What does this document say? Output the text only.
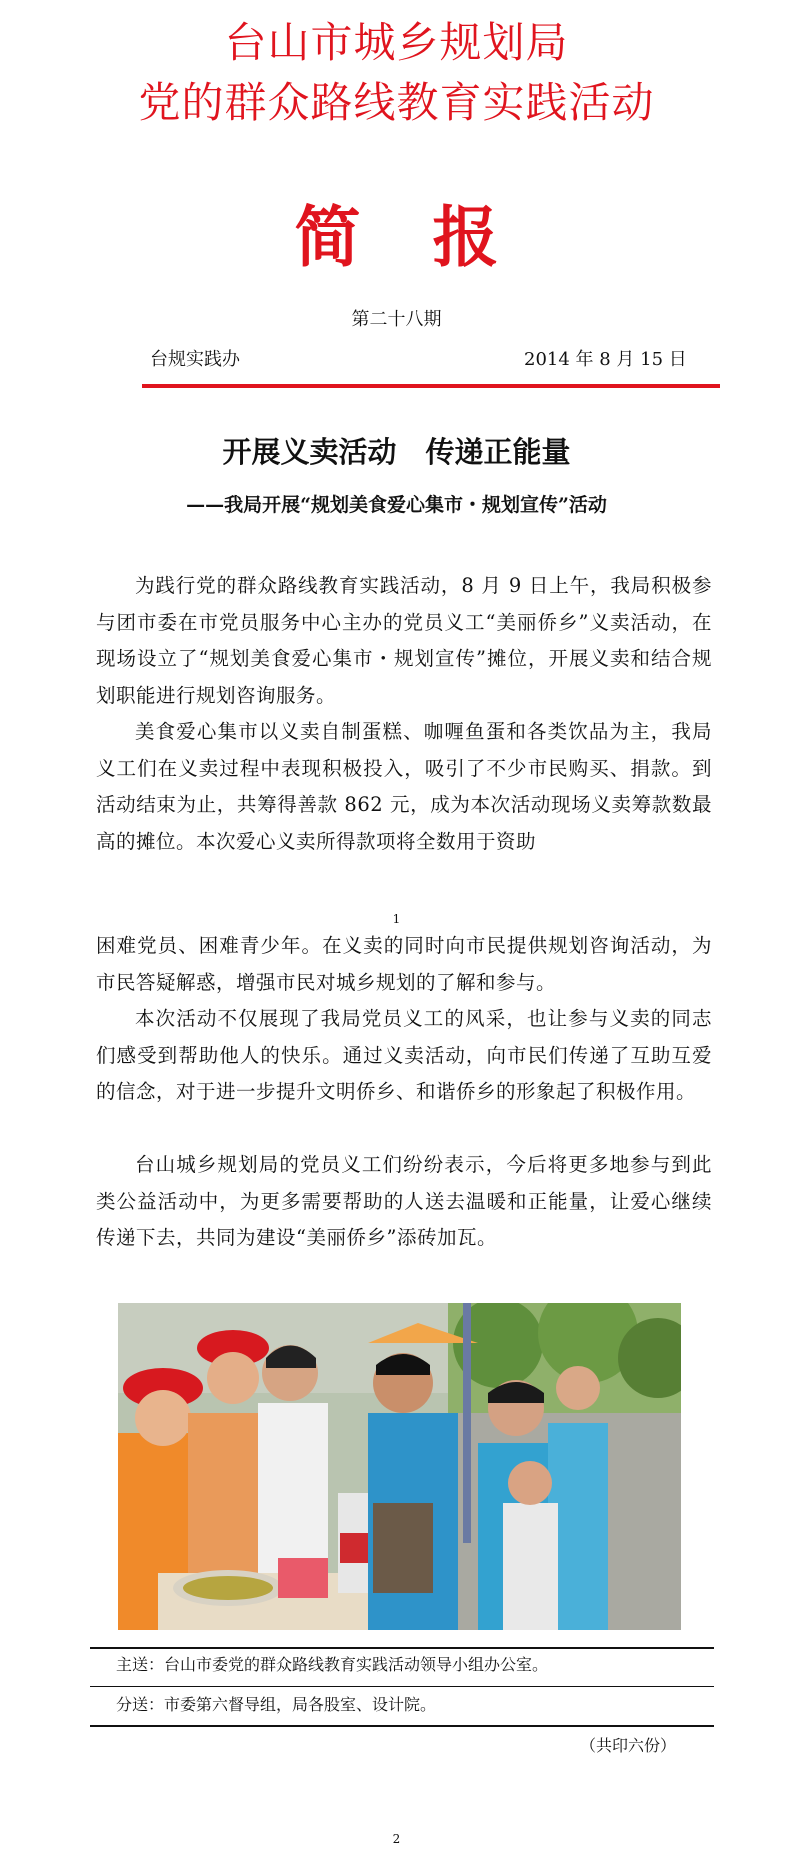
台山市城乡规划局
党的群众路线教育实践活动
简报
第二十八期
台规实践办	2014 年 8 月 15 日
开展义卖活动　传递正能量
——我局开展“规划美食爱心集市・规划宣传”活动

为践行党的群众路线教育实践活动，8 月 9 日上午，我局积极参与团市委在市党员服务中心主办的党员义工“美丽侨乡”义卖活动，在现场设立了“规划美食爱心集市・规划宣传”摊位，开展义卖和结合规划职能进行规划咨询服务。

美食爱心集市以义卖自制蛋糕、咖喱鱼蛋和各类饮品为主，我局义工们在义卖过程中表现积极投入，吸引了不少市民购买、捐款。到活动结束为止，共筹得善款 862 元，成为本次活动现场义卖筹款数最高的摊位。本次爱心义卖所得款项将全数用于资助

1

困难党员、困难青少年。在义卖的同时向市民提供规划咨询活动，为市民答疑解惑，增强市民对城乡规划的了解和参与。

本次活动不仅展现了我局党员义工的风采，也让参与义卖的同志们感受到帮助他人的快乐。通过义卖活动，向市民们传递了互助互爱的信念，对于进一步提升文明侨乡、和谐侨乡的形象起了积极作用。

台山城乡规划局的党员义工们纷纷表示，今后将更多地参与到此类公益活动中，为更多需要帮助的人送去温暖和正能量，让爱心继续传递下去，共同为建设“美丽侨乡”添砖加瓦。

主送：台山市委党的群众路线教育实践活动领导小组办公室。
分送：市委第六督导组，局各股室、设计院。
（共印六份）
2
